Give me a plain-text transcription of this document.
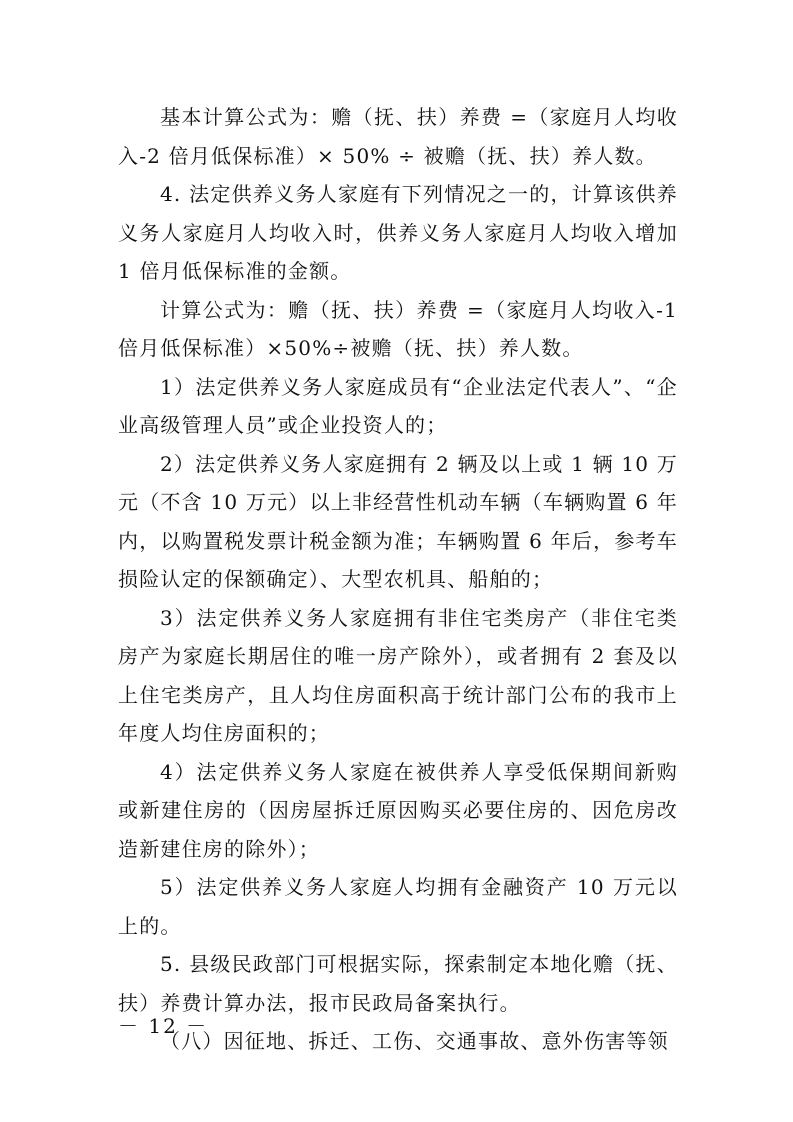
基本计算公式为：赡（抚、扶）养费 =（家庭月人均收入-2 倍月低保标准）× 50% ÷ 被赡（抚、扶）养人数。

4. 法定供养义务人家庭有下列情况之一的，计算该供养义务人家庭月人均收入时，供养义务人家庭月人均收入增加 1 倍月低保标准的金额。

计算公式为：赡（抚、扶）养费 =（家庭月人均收入-1 倍月低保标准）×50%÷被赡（抚、扶）养人数。

1）法定供养义务人家庭成员有“企业法定代表人”、“企业高级管理人员”或企业投资人的；

2）法定供养义务人家庭拥有 2 辆及以上或 1 辆 10 万元（不含 10 万元）以上非经营性机动车辆（车辆购置 6 年内，以购置税发票计税金额为准；车辆购置 6 年后，参考车损险认定的保额确定）、大型农机具、船舶的；

3）法定供养义务人家庭拥有非住宅类房产（非住宅类房产为家庭长期居住的唯一房产除外），或者拥有 2 套及以上住宅类房产，且人均住房面积高于统计部门公布的我市上年度人均住房面积的；

4）法定供养义务人家庭在被供养人享受低保期间新购或新建住房的（因房屋拆迁原因购买必要住房的、因危房改造新建住房的除外）；

5）法定供养义务人家庭人均拥有金融资产 10 万元以上的。

5. 县级民政部门可根据实际，探索制定本地化赡（抚、扶）养费计算办法，报市民政局备案执行。

（八）因征地、拆迁、工伤、交通事故、意外伤害等领

－ 12 －
